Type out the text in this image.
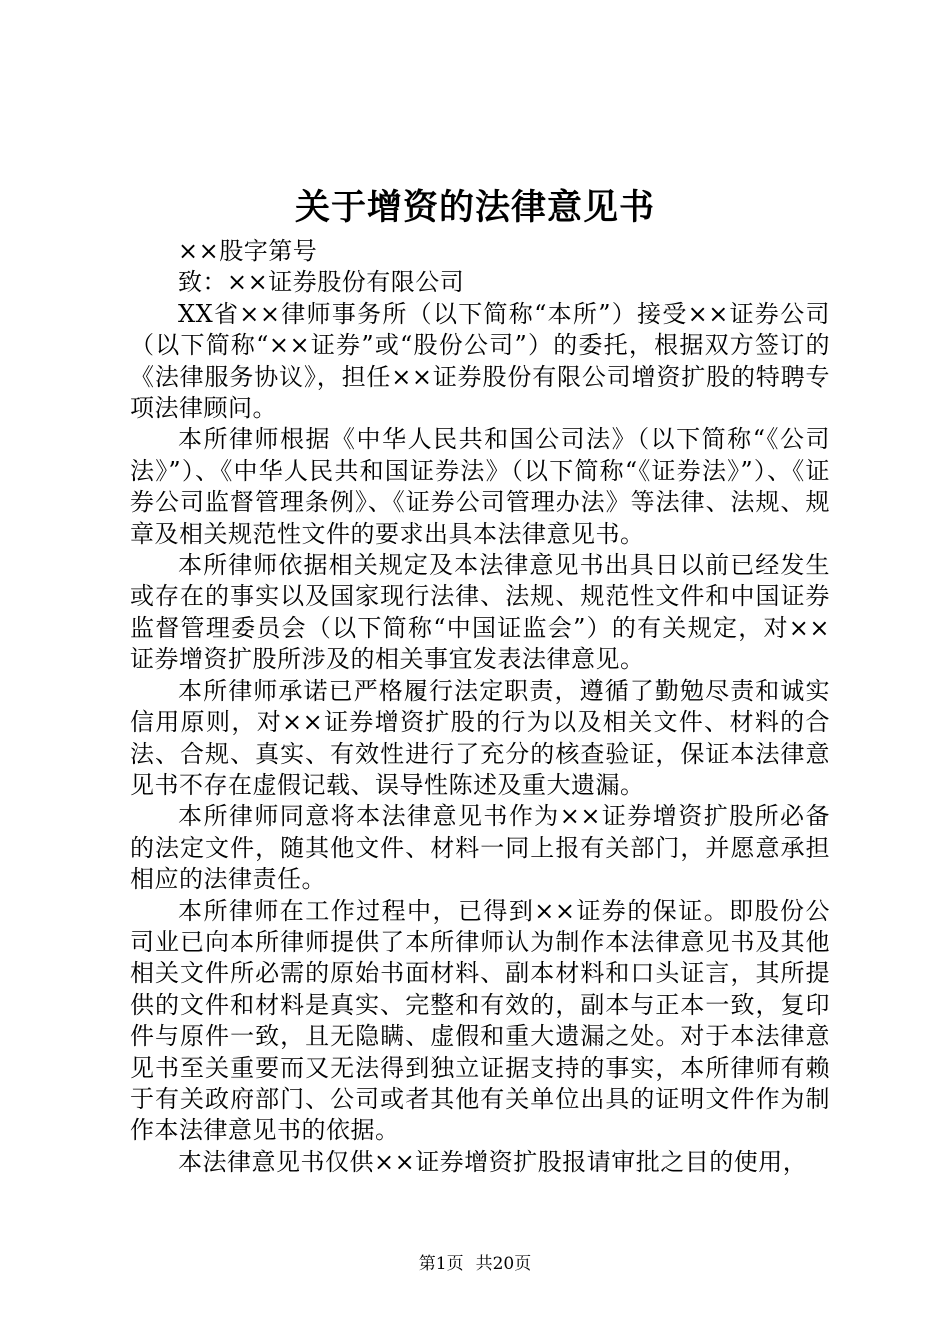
关于增资的法律意见书

××股字第号

致：××证券股份有限公司

XX省××律师事务所（以下简称“本所”）接受××证券公司（以下简称“××证券”或“股份公司”）的委托，根据双方签订的《法律服务协议》，担任××证券股份有限公司增资扩股的特聘专项法律顾问。

本所律师根据《中华人民共和国公司法》（以下简称“《公司法》”）、《中华人民共和国证券法》（以下简称“《证券法》”）、《证券公司监督管理条例》、《证券公司管理办法》等法律、法规、规章及相关规范性文件的要求出具本法律意见书。

本所律师依据相关规定及本法律意见书出具日以前已经发生或存在的事实以及国家现行法律、法规、规范性文件和中国证券监督管理委员会（以下简称“中国证监会”）的有关规定，对××证券增资扩股所涉及的相关事宜发表法律意见。

本所律师承诺已严格履行法定职责，遵循了勤勉尽责和诚实信用原则，对××证券增资扩股的行为以及相关文件、材料的合法、合规、真实、有效性进行了充分的核查验证，保证本法律意见书不存在虚假记载、误导性陈述及重大遗漏。

本所律师同意将本法律意见书作为××证券增资扩股所必备的法定文件，随其他文件、材料一同上报有关部门，并愿意承担相应的法律责任。

本所律师在工作过程中，已得到××证券的保证。即股份公司业已向本所律师提供了本所律师认为制作本法律意见书及其他相关文件所必需的原始书面材料、副本材料和口头证言，其所提供的文件和材料是真实、完整和有效的，副本与正本一致，复印件与原件一致，且无隐瞒、虚假和重大遗漏之处。对于本法律意见书至关重要而又无法得到独立证据支持的事实，本所律师有赖于有关政府部门、公司或者其他有关单位出具的证明文件作为制作本法律意见书的依据。

本法律意见书仅供××证券增资扩股报请审批之目的使用，

第1页 共20页
